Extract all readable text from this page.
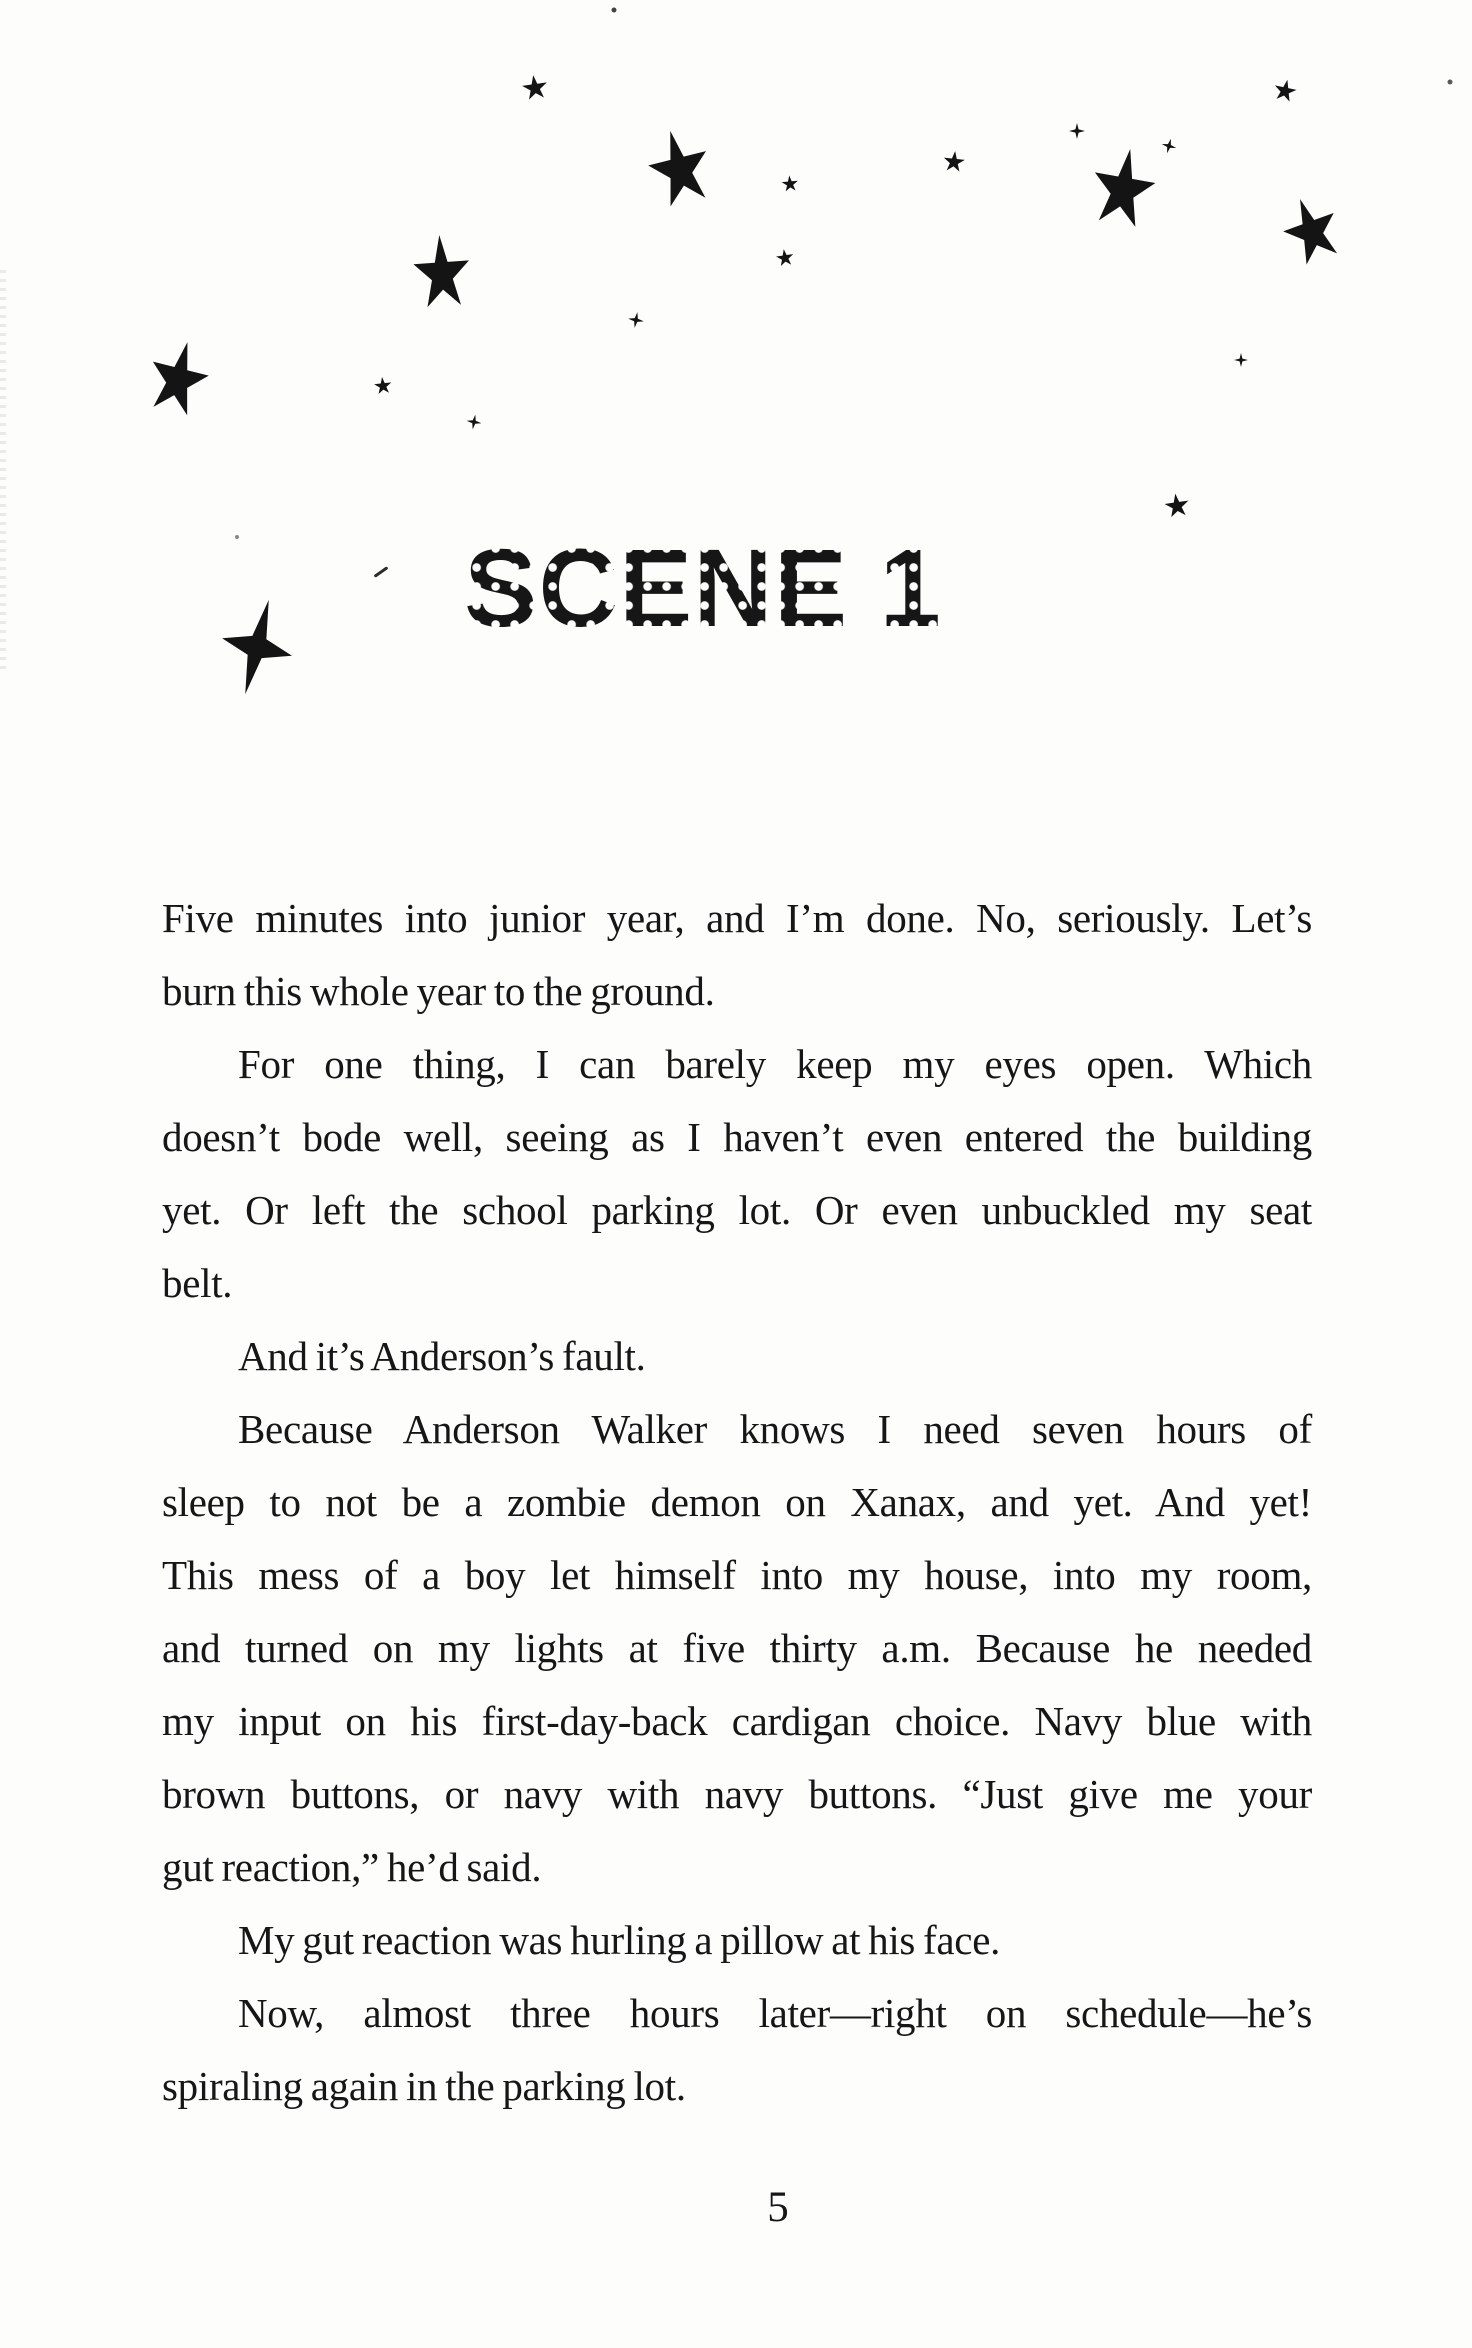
SCENE 1
Five minutes into junior year, and I’m done. No, seriously. Let’s
burn this whole year to the ground.
For one thing, I can barely keep my eyes open. Which
doesn’t bode well, seeing as I haven’t even entered the building
yet. Or left the school parking lot. Or even unbuckled my seat
belt.
And it’s Anderson’s fault.
Because Anderson Walker knows I need seven hours of
sleep to not be a zombie demon on Xanax, and yet. And yet!
This mess of a boy let himself into my house, into my room,
and turned on my lights at five thirty a.m. Because he needed
my input on his first-day-back cardigan choice. Navy blue with
brown buttons, or navy with navy buttons. “Just give me your
gut reaction,” he’d said.
My gut reaction was hurling a pillow at his face.
Now, almost three hours later—right on schedule—he’s
spiraling again in the parking lot.
5
